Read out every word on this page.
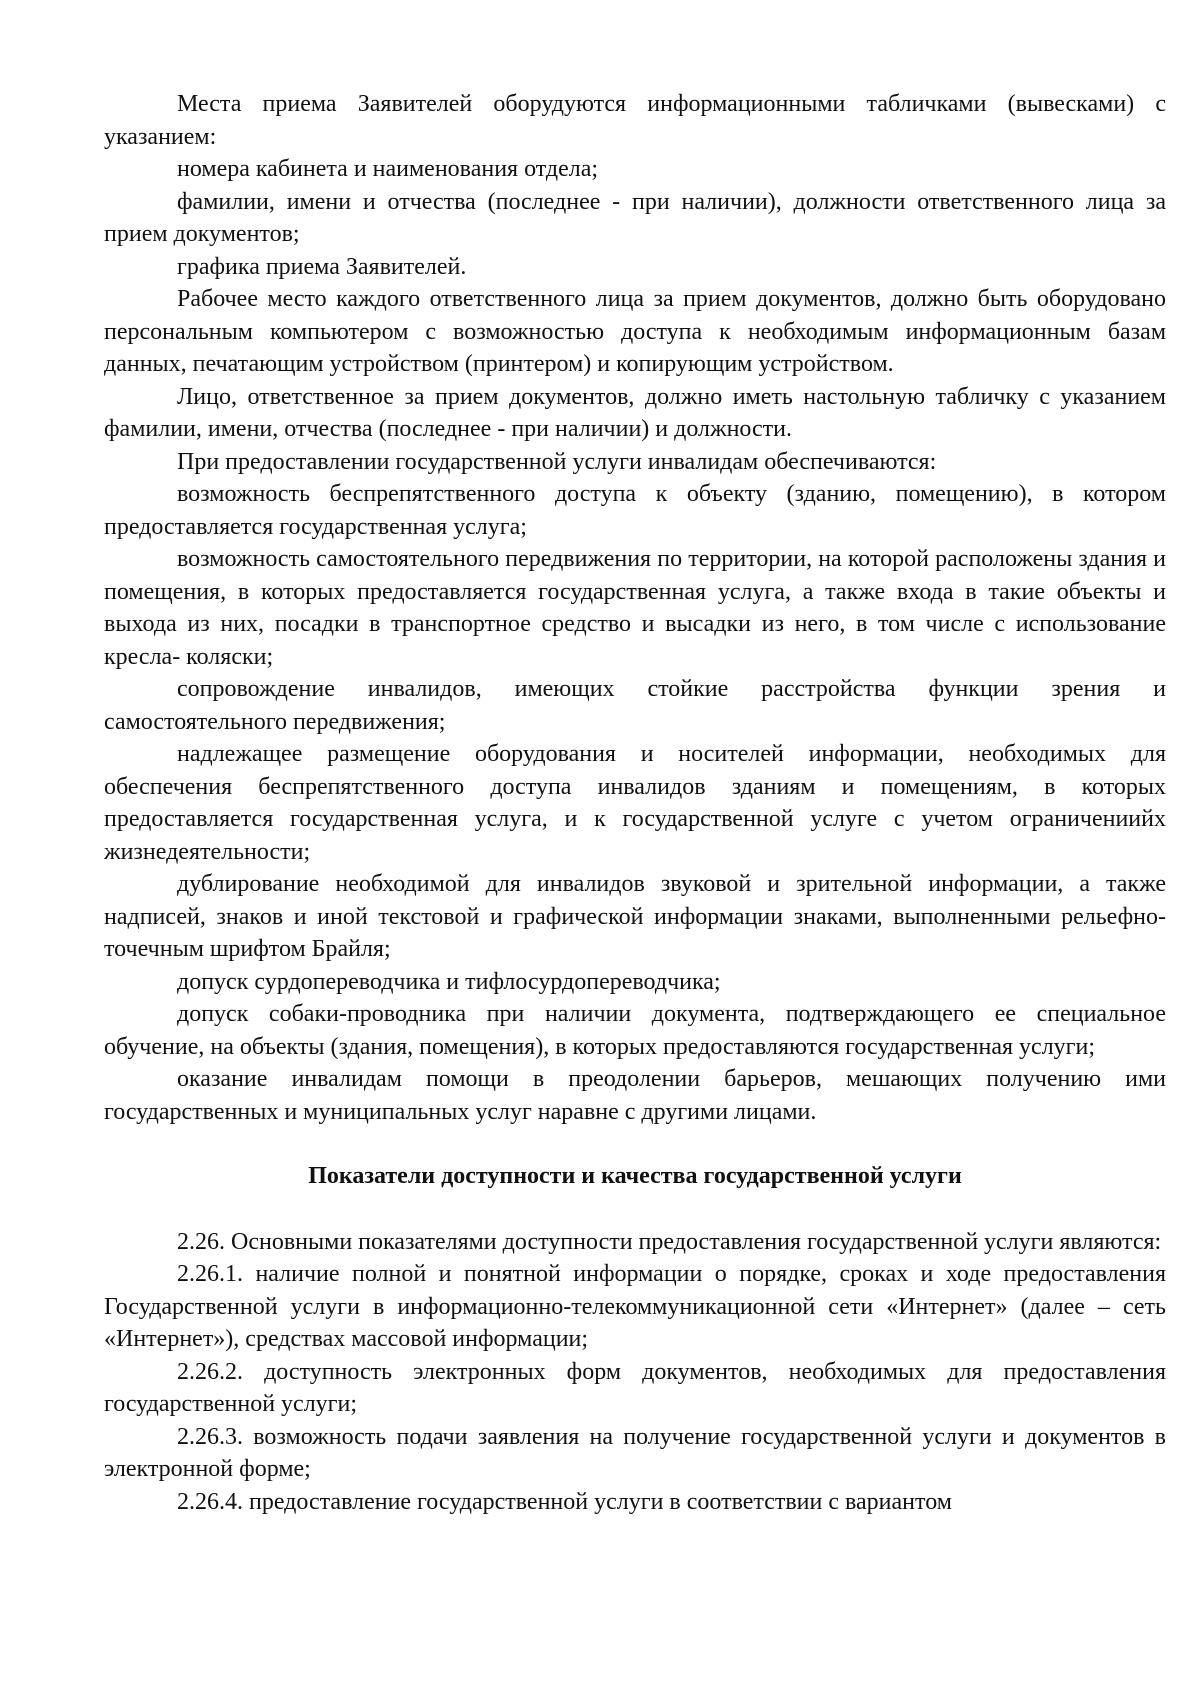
Места приема Заявителей оборудуются информационными табличками (вывесками) с указанием:

номера кабинета и наименования отдела;

фамилии, имени и отчества (последнее - при наличии), должности ответственного лица за прием документов;

графика приема Заявителей.

Рабочее место каждого ответственного лица за прием документов, должно быть оборудовано персональным компьютером с возможностью доступа к необходимым информационным базам данных, печатающим устройством (принтером) и копирующим устройством.

Лицо, ответственное за прием документов, должно иметь настольную табличку с указанием фамилии, имени, отчества (последнее - при наличии) и должности.

При предоставлении государственной услуги инвалидам обеспечиваются:

возможность беспрепятственного доступа к объекту (зданию, помещению), в котором предоставляется государственная услуга;

возможность самостоятельного передвижения по территории, на которой расположены здания и помещения, в которых предоставляется государственная услуга, а также входа в такие объекты и выхода из них, посадки в транспортное средство и высадки из него, в том числе с использование кресла- коляски;

сопровождение инвалидов, имеющих стойкие расстройства функции зрения и самостоятельного передвижения;

надлежащее размещение оборудования и носителей информации, необходимых для обеспечения беспрепятственного доступа инвалидов зданиям и помещениям, в которых предоставляется государственная услуга, и к государственной услуге с учетом ограничениийх жизнедеятельности;

дублирование необходимой для инвалидов звуковой и зрительной информации, а также надписей, знаков и иной текстовой и графической информации знаками, выполненными рельефно-точечным шрифтом Брайля;

допуск сурдопереводчика и тифлосурдопереводчика;

допуск собаки-проводника при наличии документа, подтверждающего ее специальное обучение, на объекты (здания, помещения), в которых предоставляются государственная услуги;

оказание инвалидам помощи в преодолении барьеров, мешающих получению ими государственных и муниципальных услуг наравне с другими лицами.

Показатели доступности и качества государственной услуги

2.26. Основными показателями доступности предоставления государственной услуги являются:

2.26.1. наличие полной и понятной информации о порядке, сроках и ходе предоставления Государственной услуги в информационно-телекоммуникационной сети «Интернет» (далее – сеть «Интернет»), средствах массовой информации;

2.26.2. доступность электронных форм документов, необходимых для предоставления государственной услуги;

2.26.3. возможность подачи заявления на получение государственной услуги и документов в электронной форме;

2.26.4. предоставление государственной услуги в соответствии с вариантом
